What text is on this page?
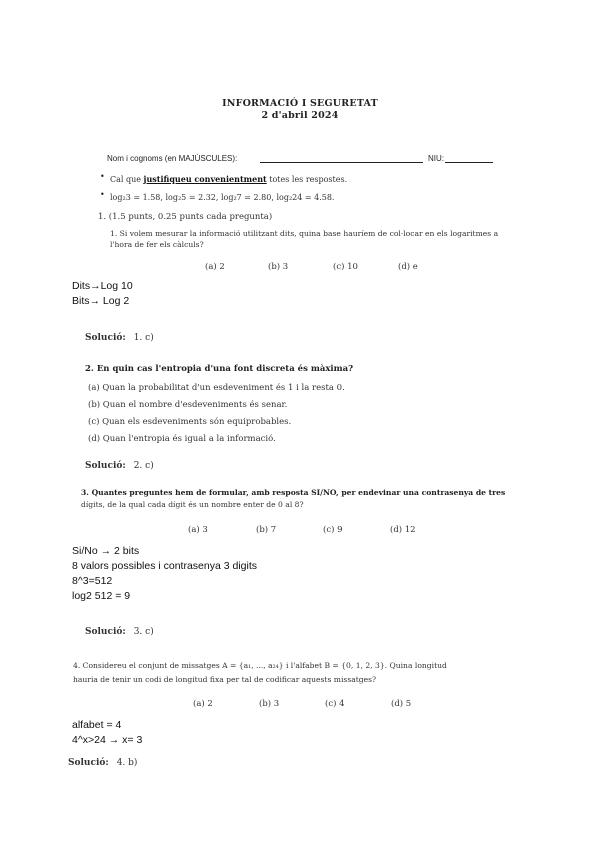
INFORMACIÓ I SEGURETAT
2 d'abril 2024
Nom i cognoms (en MAJÚSCULES):	NIU:
• Cal que justifiqueu convenientment totes les respostes.
• log₂3 = 1.58, log₂5 = 2.32, log₂7 = 2.80, log₂24 = 4.58.
1. (1.5 punts, 0.25 punts cada pregunta)
1. Si volem mesurar la informació utilitzant dits, quina base hauríem de col·locar en els logaritmes a
l'hora de fer els càlculs?
(a) 2	(b) 3	(c) 10	(d) e
Dits→Log 10
Bits→ Log 2
Solució: 1. c)
2. En quin cas l'entropia d'una font discreta és màxima?
(a) Quan la probabilitat d'un esdeveniment és 1 i la resta 0.
(b) Quan el nombre d'esdeveniments és senar.
(c) Quan els esdeveniments són equiprobables.
(d) Quan l'entropia és igual a la informació.
Solució: 2. c)
3. Quantes preguntes hem de formular, amb resposta SI/NO, per endevinar una contrasenya de tres
dígits, de la qual cada dígit és un nombre enter de 0 al 8?
(a) 3	(b) 7	(c) 9	(d) 12
Si/No → 2 bits
8 valors possibles i contrasenya 3 digits
8^3=512
log2 512 = 9
Solució: 3. c)
4. Considereu el conjunt de missatges A = {a₁, ..., a₂₄} i l'alfabet B = {0, 1, 2, 3}. Quina longitud
hauria de tenir un codi de longitud fixa per tal de codificar aquests missatges?
(a) 2	(b) 3	(c) 4	(d) 5
alfabet = 4
4^x>24 → x= 3
Solució: 4. b)
